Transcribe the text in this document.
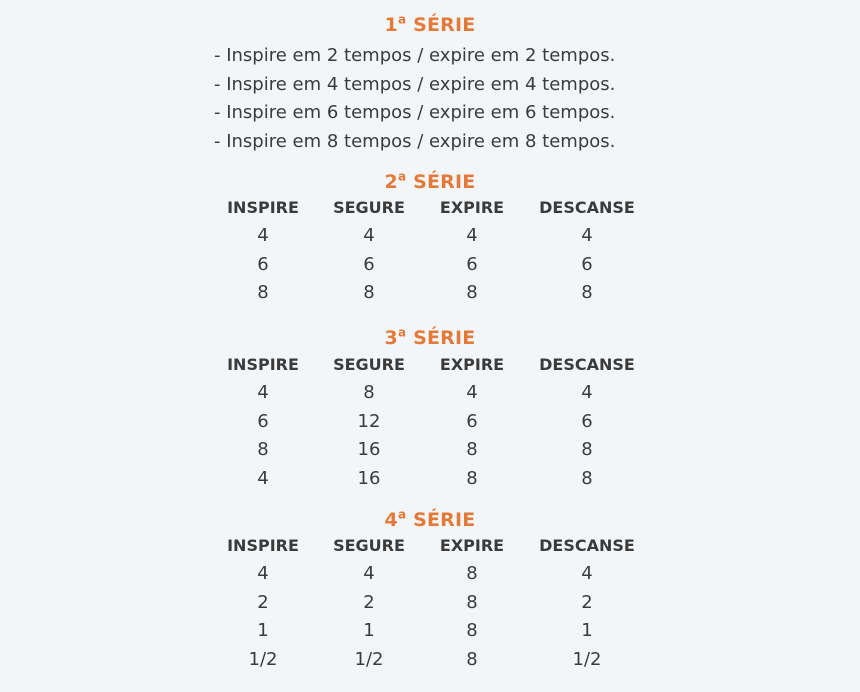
1$^a$ SÉRIE
- Inspire em 2 tempos / expire em 2 tempos.
- Inspire em 4 tempos / expire em 4 tempos.
- Inspire em 6 tempos / expire em 6 tempos.
- Inspire em 8 tempos / expire em 8 tempos.
2$^a$ SÉRIE
INSPIRE SEGURE EXPIRE DESCANSE
4	4	4	4
6	6	6	6
8	8	8	8
3$^a$ SÉRIE
INSPIRE SEGURE EXPIRE DESCANSE
4	8	4	4
6	12	6	6
8	16	8	8
4	16	8	8
4$^a$ SÉRIE
INSPIRE SEGURE EXPIRE DESCANSE
4	4	8	4
2	2	8	2
1	1	8	1
1/2	1/2	8	1/2
